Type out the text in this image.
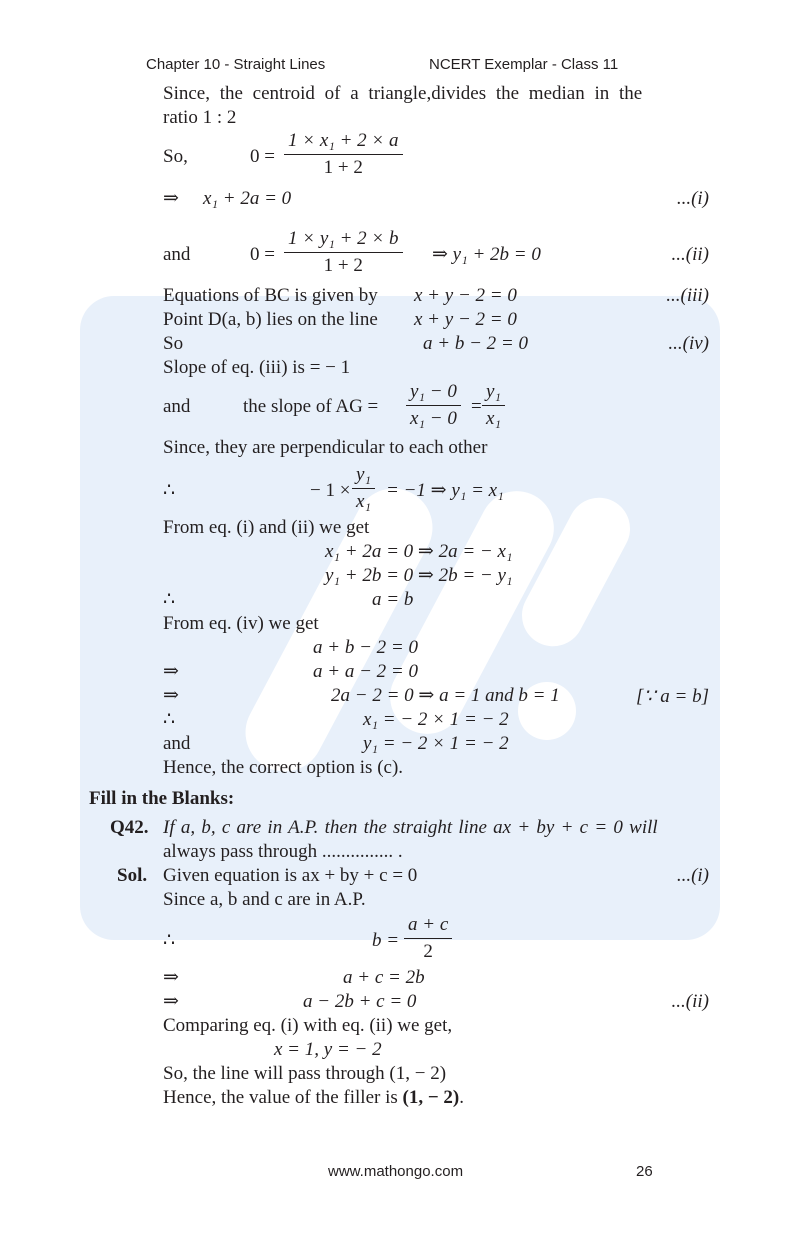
Chapter 10 - Straight Lines	NCERT Exemplar - Class 11
Since, the centroid of a triangle,divides the median in the
ratio 1 : 2
So,	$0 = \frac{\text{1 × x₁ + 2 × a}}{1 + 2}$
⇒ x₁ + 2a = 0	...(i)
and	$0 = \frac{\text{1 × y₁ + 2 × b}}{1 + 2}$ ⇒ y₁ + 2b = 0	...(ii)
Equations of BC is given by x + y − 2 = 0	...(iii)
Point D(a, b) lies on the line x + y − 2 = 0
So	a + b − 2 = 0	...(iv)
Slope of eq. (iii) is = − 1
and	the slope of AG = $\frac{\text{y₁ − 0}}{\text{x₁ − 0}} = \frac{\text{y₁}}{\text{x₁}}$
Since, they are perpendicular to each other
∴	− $1 \times \frac{\text{y₁}}{\text{x₁}} = -1$ ⇒ y₁ = x₁
From eq. (i) and (ii) we get
x₁ + 2a = 0 ⇒ 2a = − x₁
y₁ + 2b = 0 ⇒ 2b = − y₁
∴	a = b
From eq. (iv) we get
a + b − 2 = 0
⇒	a + a − 2 = 0
⇒	2a − 2 = 0 ⇒ a = 1 and b = 1	[∵ a = b]
∴	x₁ = − 2 × 1 = − 2
and	y₁ = − 2 × 1 = − 2
Hence, the correct option is (c).
Fill in the Blanks:
Q42. If a, b, c are in A.P. then the straight line ax + by + c = 0 will
always pass through ............... .
Sol. Given equation is ax + by + c = 0	...(i)
Since a, b and c are in A.P.
∴	$b = \frac{a + c}{2}$
⇒	a + c = 2b
⇒	a − 2b + c = 0	...(ii)
Comparing eq. (i) with eq. (ii) we get,
x = 1, y = − 2
So, the line will pass through (1, − 2)
Hence, the value of the filler is (1, − 2).
www.mathongo.com	26
